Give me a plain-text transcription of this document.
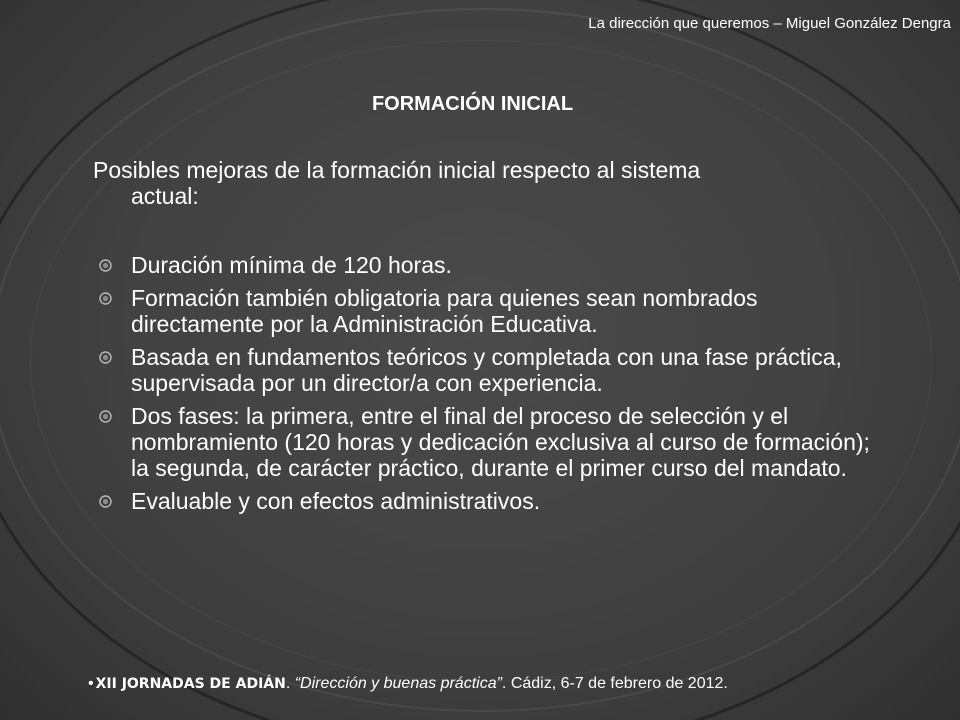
La dirección que queremos – Miguel González Dengra
FORMACIÓN INICIAL

Posibles mejoras de la formación inicial respecto al sistema
actual:

Duración mínima de 120 horas.
Formación también obligatoria para quienes sean nombrados directamente por la Administración Educativa.
Basada en fundamentos teóricos y completada con una fase práctica, supervisada por un director/a con experiencia.
Dos fases: la primera, entre el final del proceso de selección y el nombramiento (120 horas y dedicación exclusiva al curso de formación); la segunda, de carácter práctico, durante el primer curso del mandato.
Evaluable y con efectos administrativos.
• XII JORNADAS DE ADIÁN. “Dirección y buenas práctica”. Cádiz, 6-7 de febrero de 2012.
